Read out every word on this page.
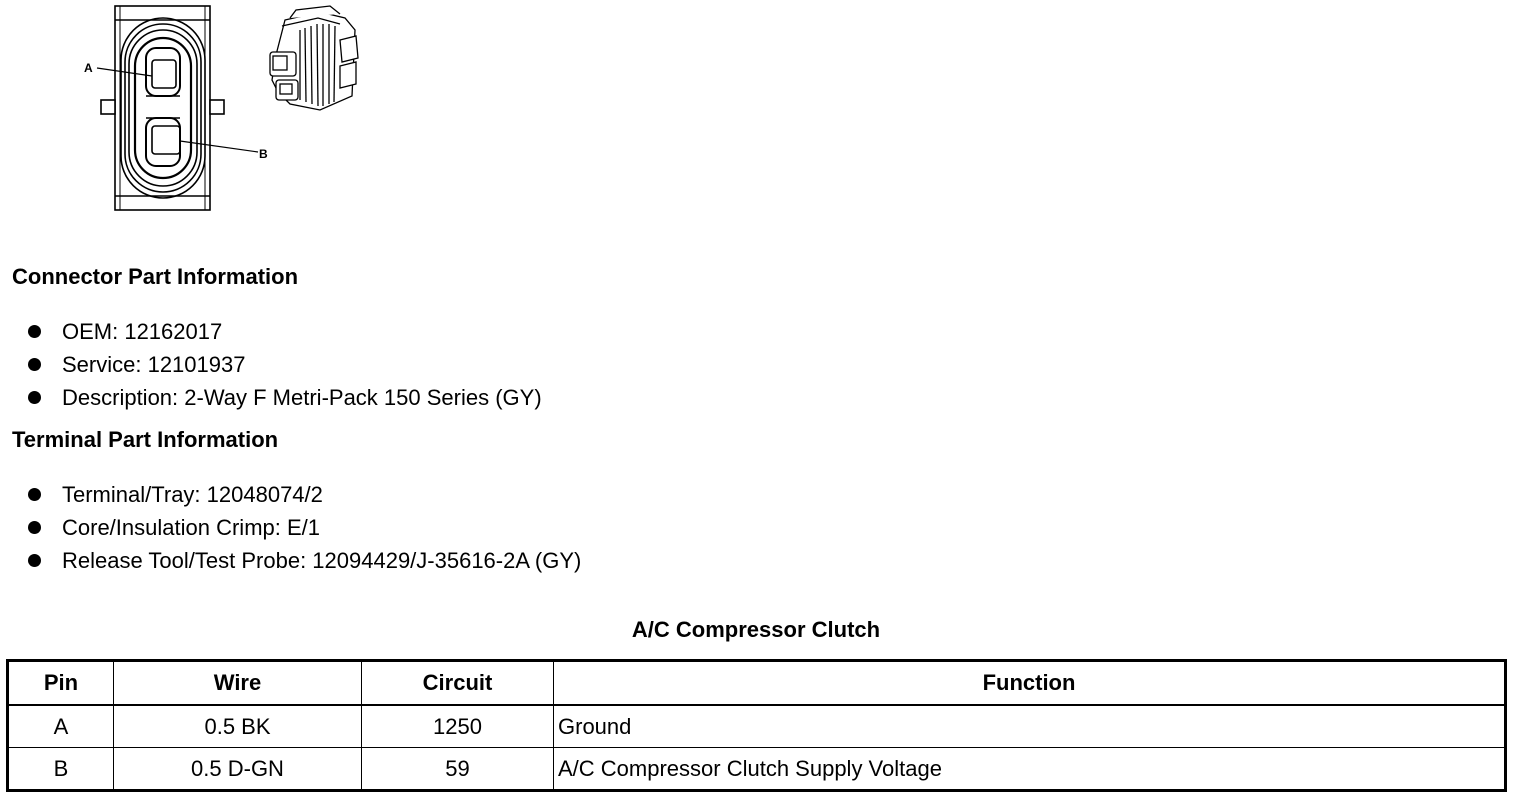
A
B
Connector Part Information
OEM: 12162017
Service: 12101937
Description: 2-Way F Metri-Pack 150 Series (GY)
Terminal Part Information
Terminal/Tray: 12048074/2
Core/Insulation Crimp: E/1
Release Tool/Test Probe: 12094429/J-35616-2A (GY)
A/C Compressor Clutch
Pin	Wire	Circuit	Function
A	0.5 BK	1250	Ground
B	0.5 D-GN	59	A/C Compressor Clutch Supply Voltage
